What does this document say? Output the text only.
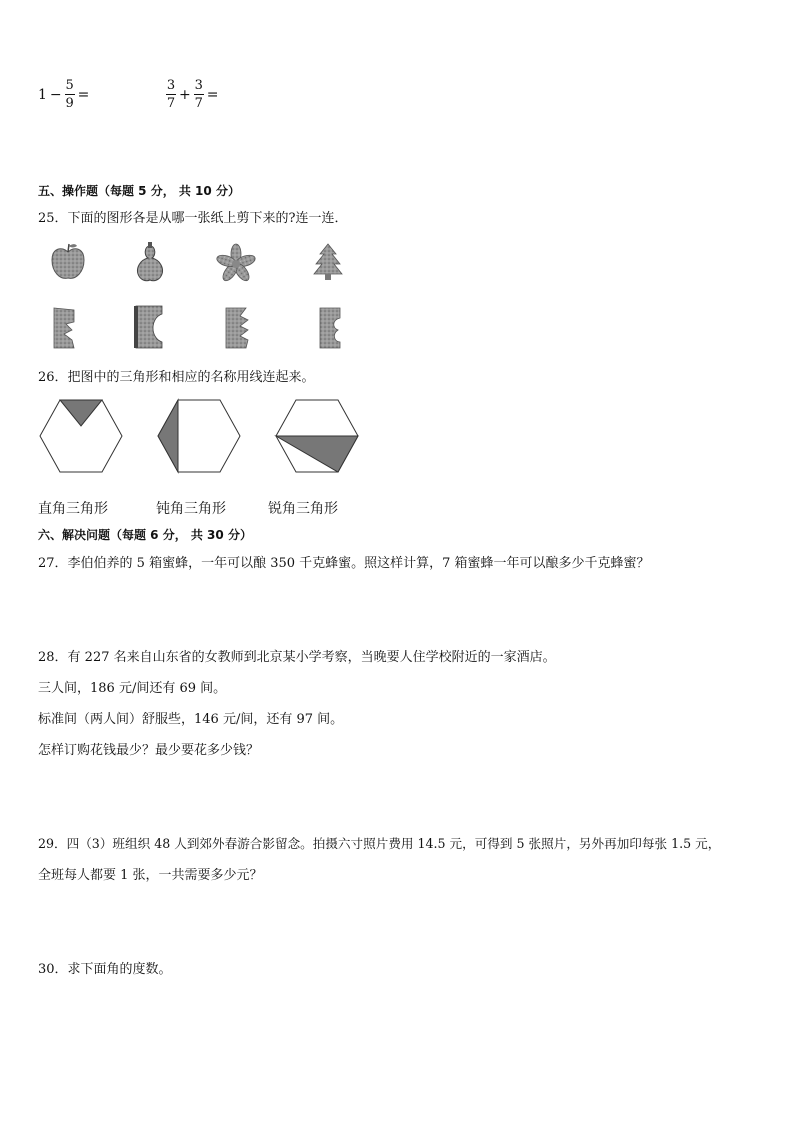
$1 - \frac{5}{9}$ =	$\frac{3}{7} + \frac{3}{7}$ =
五、操作题（每题 5 分， 共 10 分）
25．下面的图形各是从哪一张纸上剪下来的?连一连．
26．把图中的三角形和相应的名称用线连起来。
直角三角形	钝角三角形	锐角三角形
六、解决问题（每题 6 分， 共 30 分）
27．李伯伯养的 5 箱蜜蜂，一年可以酿 350 千克蜂蜜。照这样计算，7 箱蜜蜂一年可以酿多少千克蜂蜜？
28．有 227 名来自山东省的女教师到北京某小学考察，当晚要人住学校附近的一家酒店。
三人间，186 元/间还有 69 间。
标准间（两人间）舒服些，146 元/间，还有 97 间。
怎样订购花钱最少？最少要花多少钱？
29．四（3）班组织 48 人到郊外春游合影留念。拍摄六寸照片费用 14.5 元，可得到 5 张照片，另外再加印每张 1.5 元，
全班每人都要 1 张，一共需要多少元？
30．求下面角的度数。
